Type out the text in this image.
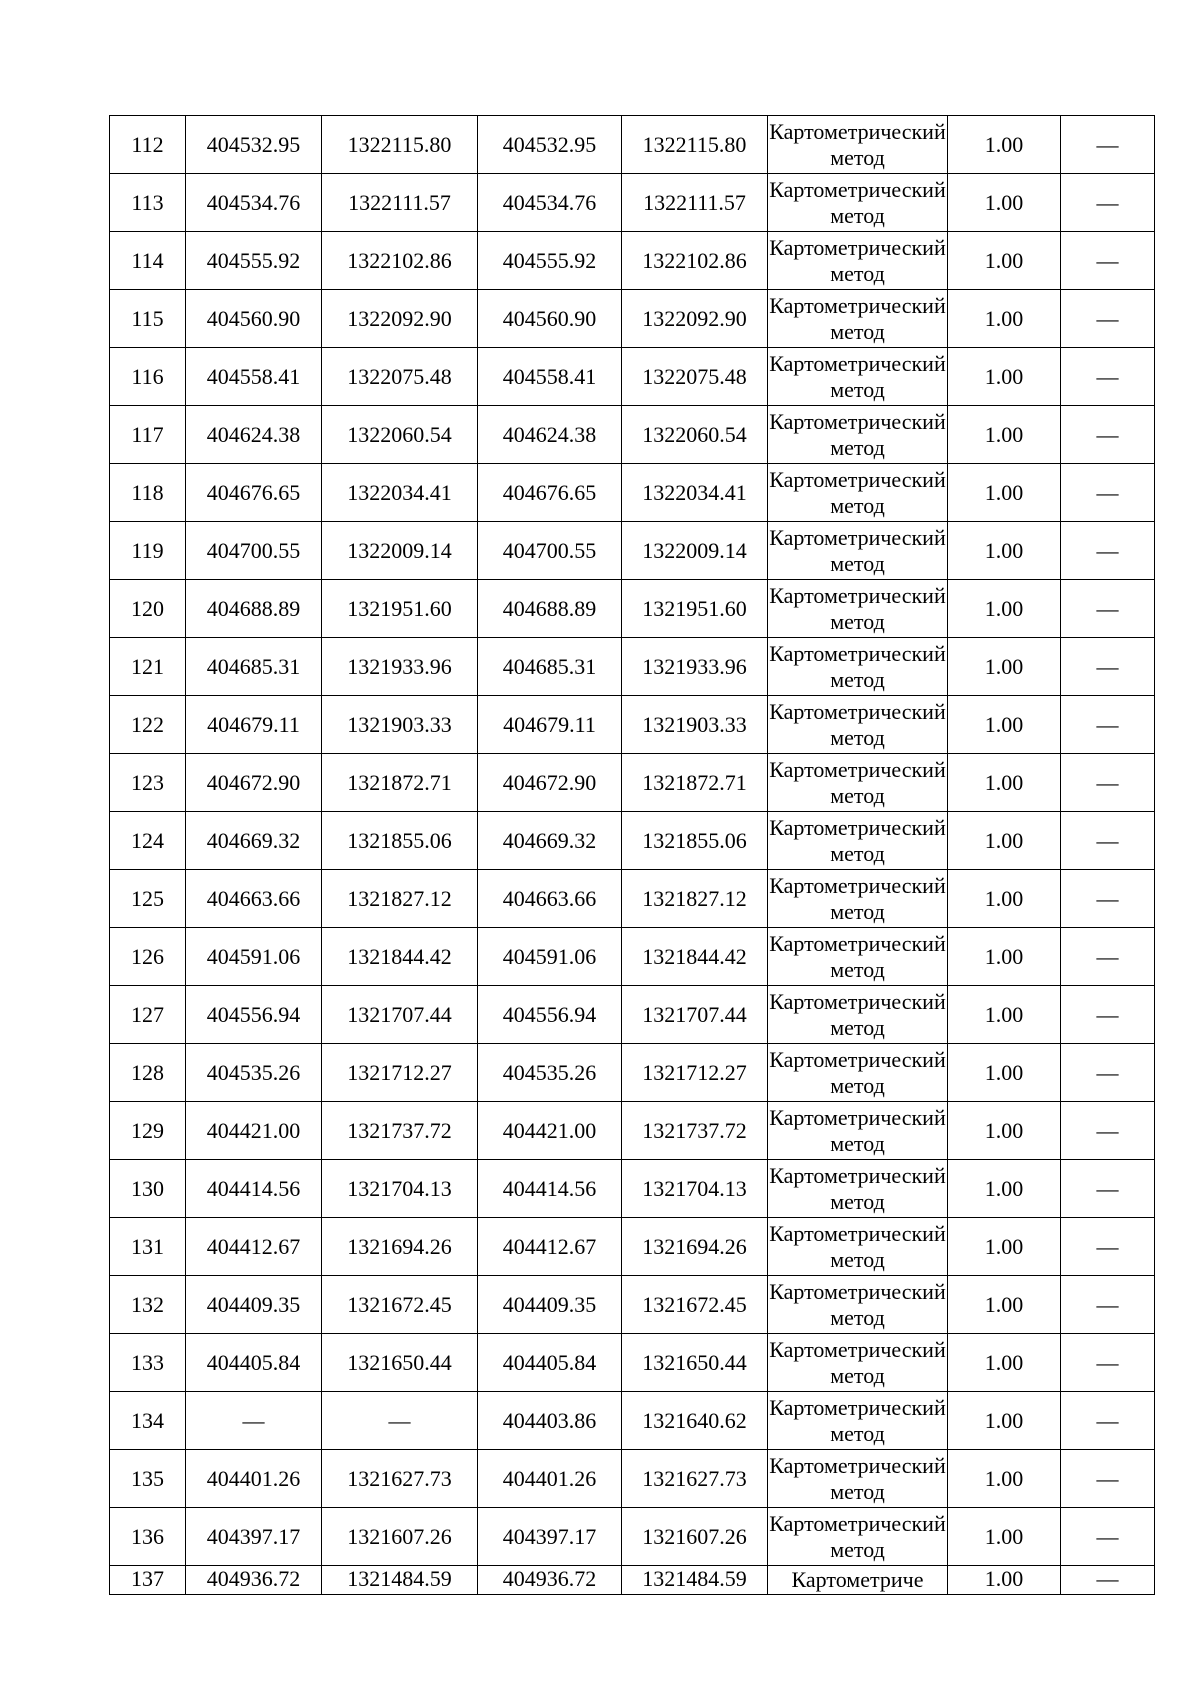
112	404532.95	1322115.80	404532.95	1322115.80	Картометрический метод	1.00	—
113	404534.76	1322111.57	404534.76	1322111.57	Картометрический метод	1.00	—
114	404555.92	1322102.86	404555.92	1322102.86	Картометрический метод	1.00	—
115	404560.90	1322092.90	404560.90	1322092.90	Картометрический метод	1.00	—
116	404558.41	1322075.48	404558.41	1322075.48	Картометрический метод	1.00	—
117	404624.38	1322060.54	404624.38	1322060.54	Картометрический метод	1.00	—
118	404676.65	1322034.41	404676.65	1322034.41	Картометрический метод	1.00	—
119	404700.55	1322009.14	404700.55	1322009.14	Картометрический метод	1.00	—
120	404688.89	1321951.60	404688.89	1321951.60	Картометрический метод	1.00	—
121	404685.31	1321933.96	404685.31	1321933.96	Картометрический метод	1.00	—
122	404679.11	1321903.33	404679.11	1321903.33	Картометрический метод	1.00	—
123	404672.90	1321872.71	404672.90	1321872.71	Картометрический метод	1.00	—
124	404669.32	1321855.06	404669.32	1321855.06	Картометрический метод	1.00	—
125	404663.66	1321827.12	404663.66	1321827.12	Картометрический метод	1.00	—
126	404591.06	1321844.42	404591.06	1321844.42	Картометрический метод	1.00	—
127	404556.94	1321707.44	404556.94	1321707.44	Картометрический метод	1.00	—
128	404535.26	1321712.27	404535.26	1321712.27	Картометрический метод	1.00	—
129	404421.00	1321737.72	404421.00	1321737.72	Картометрический метод	1.00	—
130	404414.56	1321704.13	404414.56	1321704.13	Картометрический метод	1.00	—
131	404412.67	1321694.26	404412.67	1321694.26	Картометрический метод	1.00	—
132	404409.35	1321672.45	404409.35	1321672.45	Картометрический метод	1.00	—
133	404405.84	1321650.44	404405.84	1321650.44	Картометрический метод	1.00	—
134	—	—	404403.86	1321640.62	Картометрический метод	1.00	—
135	404401.26	1321627.73	404401.26	1321627.73	Картометрический метод	1.00	—
136	404397.17	1321607.26	404397.17	1321607.26	Картометрический метод	1.00	—
137	404936.72	1321484.59	404936.72	1321484.59	Картометриче	1.00	—
